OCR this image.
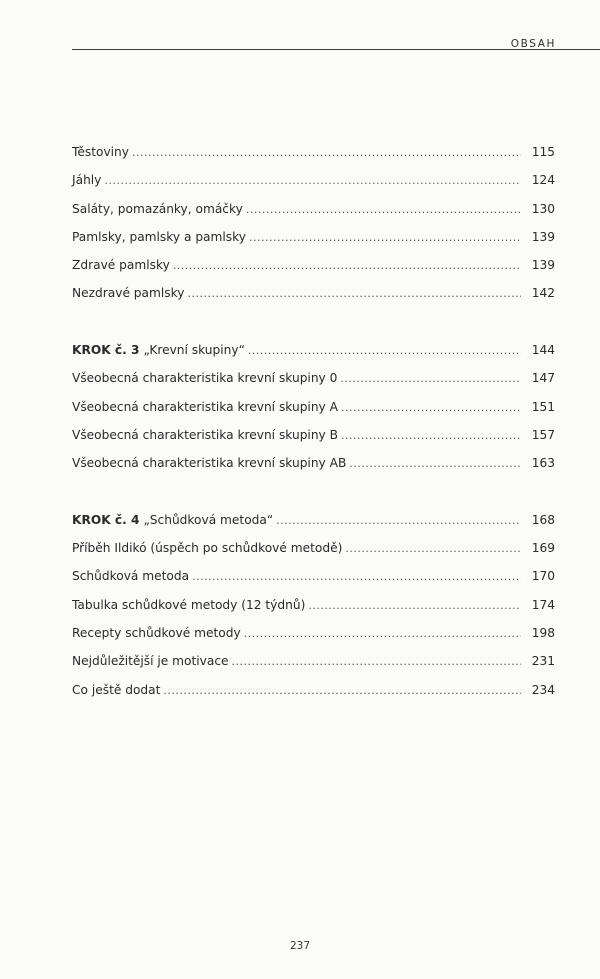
OBSAH
Těstoviny .....	115
Jáhly .....	124
Saláty, pomazánky, omáčky .....	130
Pamlsky, pamlsky a pamlsky .....	139
Zdravé pamlsky .....	139
Nezdravé pamlsky .....	142
KROK č. 3 „Krevní skupiny“ .....	144
Všeobecná charakteristika krevní skupiny 0 .....	147
Všeobecná charakteristika krevní skupiny A .....	151
Všeobecná charakteristika krevní skupiny B .....	157
Všeobecná charakteristika krevní skupiny AB .....	163
KROK č. 4 „Schůdková metoda“ .....	168
Příběh Ildikó (úspěch po schůdkové metodě) .....	169
Schůdková metoda .....	170
Tabulka schůdkové metody (12 týdnů) .....	174
Recepty schůdkové metody .....	198
Nejdůležitější je motivace .....	231
Co ještě dodat .....	234
237
